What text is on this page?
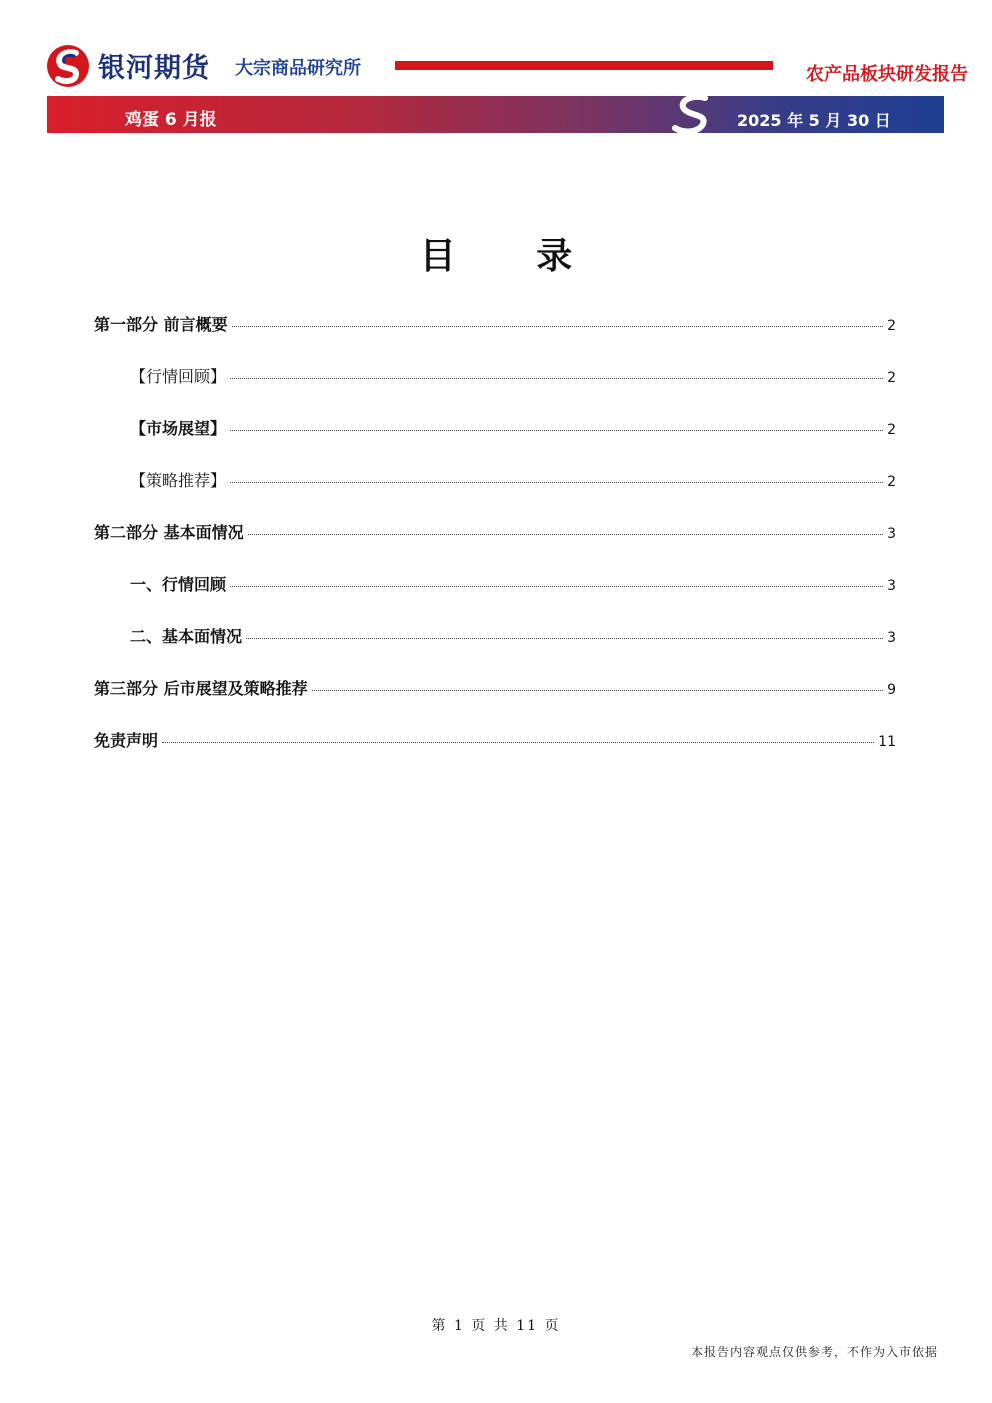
银河期货 大宗商品研究所	农产品板块研发报告
鸡蛋 6 月报	2025 年 5 月 30 日
目 录
第一部分 前言概要	2
【行情回顾】	2
【市场展望】	2
【策略推荐】	2
第二部分 基本面情况	3
一、行情回顾	3
二、基本面情况	3
第三部分 后市展望及策略推荐	9
免责声明	11
第 1 页 共 11 页
本报告内容观点仅供参考，不作为入市依据
